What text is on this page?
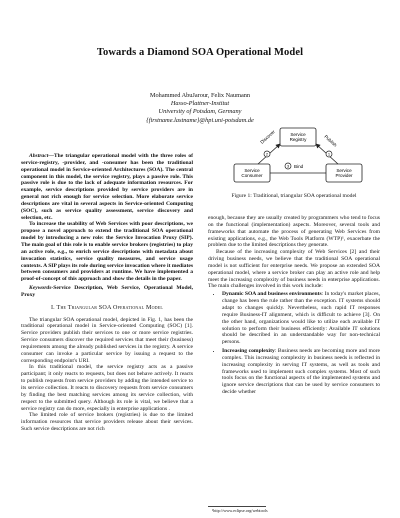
Towards a Diamond SOA Operational Model
Mohammed AbuJarour, Felix Naumann
Hasso-Plattner-Institut
University of Potsdam, Germany
{firstname.lastname}@hpi.uni-potsdam.de

Abstract—The triangular operational model with the three roles of service-registry, -provider, and -consumer has been the traditional operational model in Service-oriented Architectures (SOA). The central component in this model, the service registry, plays a passive role. This passive role is due to the lack of adequate information resources. For example, service descriptions provided by service providers are in general not rich enough for service selection. More elaborate service descriptions are vital in several aspects in Service-oriented Computing (SOC), such as service quality assessment, service discovery and selection, etc.

To increase the usability of Web Services with poor descriptions, we propose a novel approach to extend the traditional SOA operational model by introducing a new role: the Service Invocation Proxy (SIP). The main goal of this role is to enable service brokers (registries) to play an active role, e.g., to enrich service descriptions with metadata about invocation statistics, service quality measures, and service usage contexts. A SIP plays its role during service invocation where it mediates between consumers and providers at runtime. We have implemented a proof-of-concept of this approach and show the details in the paper.

Keywords-Service Description, Web Service, Operational Model, Proxy

I. The Triangular SOA Operational Model

The triangular SOA operational model, depicted in Fig. 1, has been the traditional operational model in Service-oriented Computing (SOC) [1]. Service providers publish their services to one or more service registries. Service consumers discover the required services that meet their (business) requirements among the already published services in the registry. A service consumer can invoke a particular service by issuing a request to the corresponding endpoint's URI.

In this traditional model, the service registry acts as a passive participant; it only reacts to requests, but does not behave actively. It reacts to publish requests from service providers by adding the intended service to its service collection. It reacts to discovery requests from service consumers by finding the best matching services among its service collection, with respect to the submitted query. Although its role is vital, we believe that a service registry can do more, especially in enterprise applications .

The limited role of service brokers (registries) is due to the limited information resources that service providers release about their services. Such service descriptions are not rich

Service Registry
Service Consumer
Service Provider
2	1
3
Discover	Publish
Bind
Figure 1: Traditional, triangular SOA operational model

enough, because they are usually created by programmers who tend to focus on the functional (implementation) aspects. Moreover, several tools and frameworks that automate the process of generating Web Services from existing applications, e.g., the Web Tools Platform (WTP)¹, exacerbate the problem due to the limited descriptions they generate.

Because of the increasing complexity of Web Services [2] and their driving business needs, we believe that the traditional SOA operational model is not sufficient for enterprise needs. We propose an extended SOA operational model, where a service broker can play an active role and help meet the increasing complexity of business needs in enterprise applications. The main challenges involved in this work include:

• Dynamic SOA and business environments: In today's market places, change has been the rule rather than the exception. IT systems should adapt to changes quickly. Nevertheless, such rapid IT responses require Business-IT alignment, which is difficult to achieve [3]. On the other hand, organizations would like to utilize each available IT solution to perform their business efficiently: Available IT solutions should be described in an understandable way for non-technical persons.
• Increasing complexity: Business needs are becoming more and more complex. This increasing complexity in business needs is reflected in increasing complexity in serving IT systems, as well as tools and frameworks used to implement such complex systems. Most of such tools focus on the functional aspects of the implemented systems and ignore service descriptions that can be used by service consumers to decide whether
¹http://www.eclipse.org/webtools
